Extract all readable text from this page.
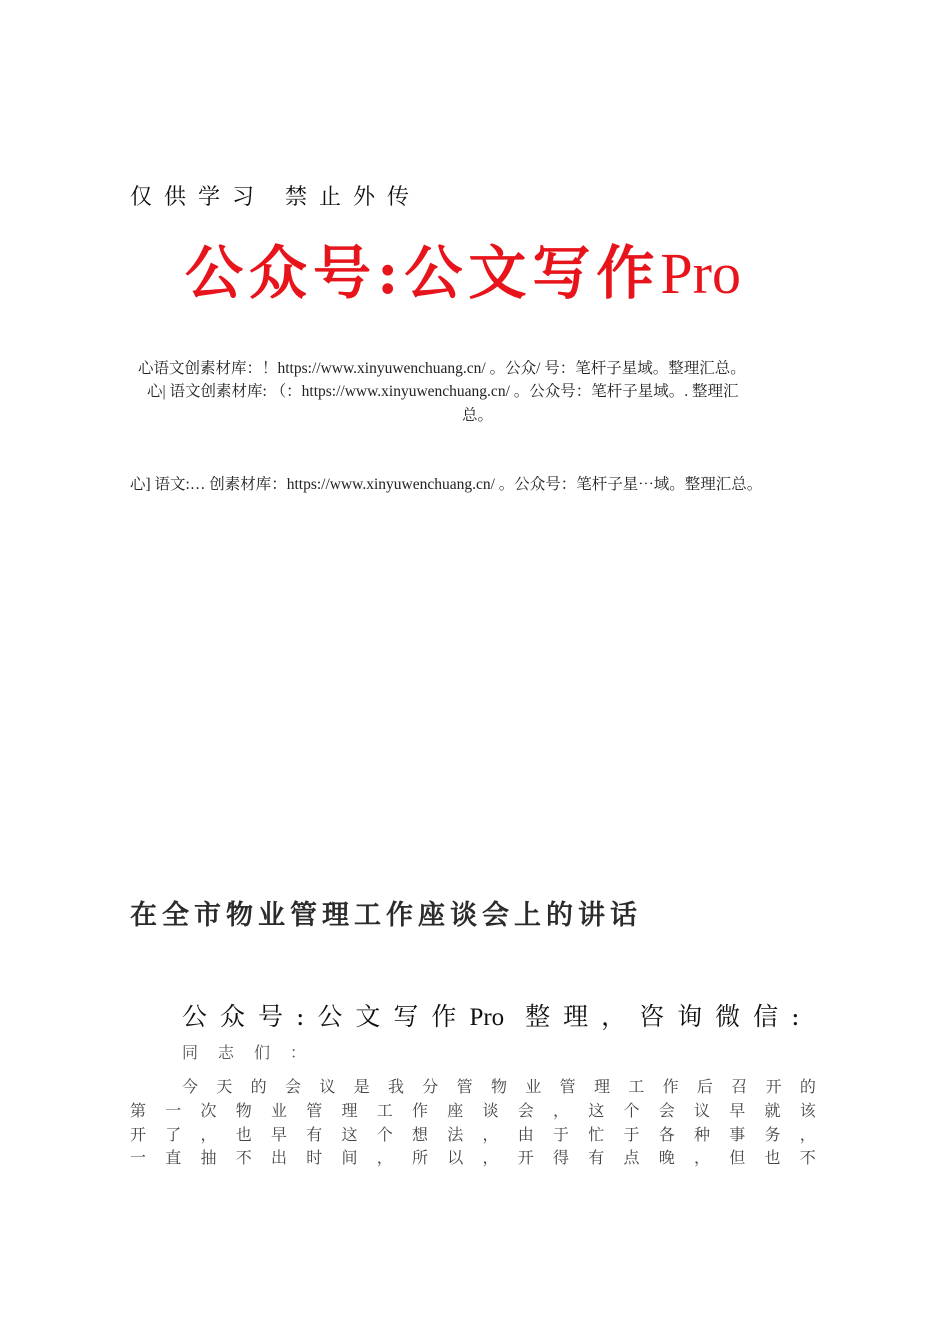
仅供学习 禁止外传
公众号:公文写作Pro
心语文创素材库：！https://www.xinyuwenchuang.cn/ 。公众/ 号：笔杆子星域。整理汇总。
心| 语文创素材库: （：https://www.xinyuwenchuang.cn/ 。公众号：笔杆子星域。. 整理汇
总。
心] 语文:… 创素材库：https://www.xinyuwenchuang.cn/ 。公众号：笔杆子星⋯域。整理汇总。
在全市物业管理工作座谈会上的讲话
公众号:公文写作Pro 整理，咨询微信:
同志们：
今 天 的 会 议 是 我 分 管 物 业 管 理 工 作 后 召 开 的
第 一 次 物 业 管 理 工 作 座 谈 会 ， 这 个 会 议 早 就 该
开 了 ， 也 早 有 这 个 想 法 ， 由 于 忙 于 各 种 事 务 ，
一 直 抽 不 出 时 间 ， 所 以 ， 开 得 有 点 晚 ， 但 也 不
